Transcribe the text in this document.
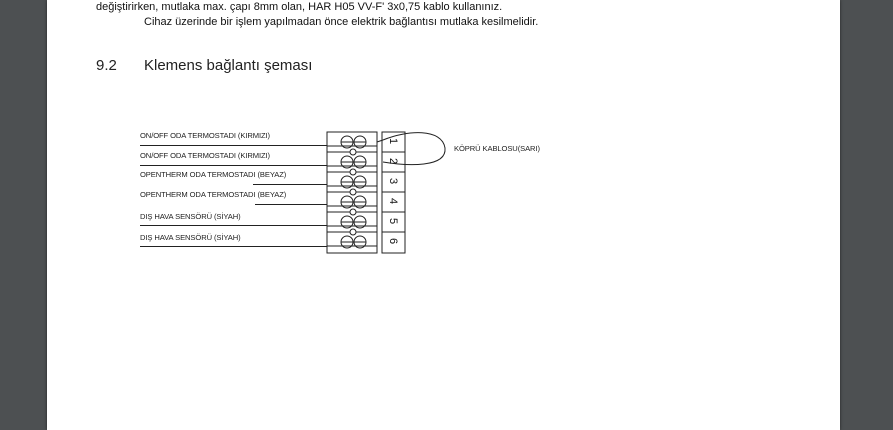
değiştirirken, mutlaka max. çapı 8mm olan, HAR H05 VV-F' 3x0,75 kablo kullanınız.
Cihaz üzerinde bir işlem yapılmadan önce elektrik bağlantısı mutlaka kesilmelidir.
9.2 Klemens bağlantı şeması
ON/OFF ODA TERMOSTADI (KIRMIZI)
ON/OFF ODA TERMOSTADI (KIRMIZI)
OPENTHERM ODA TERMOSTADI (BEYAZ)
OPENTHERM ODA TERMOSTADI (BEYAZ)
DIŞ HAVA SENSÖRÜ (SİYAH)
DIŞ HAVA SENSÖRÜ (SİYAH)
1
2
3
4
5
6
KÖPRÜ KABLOSU(SARI)
